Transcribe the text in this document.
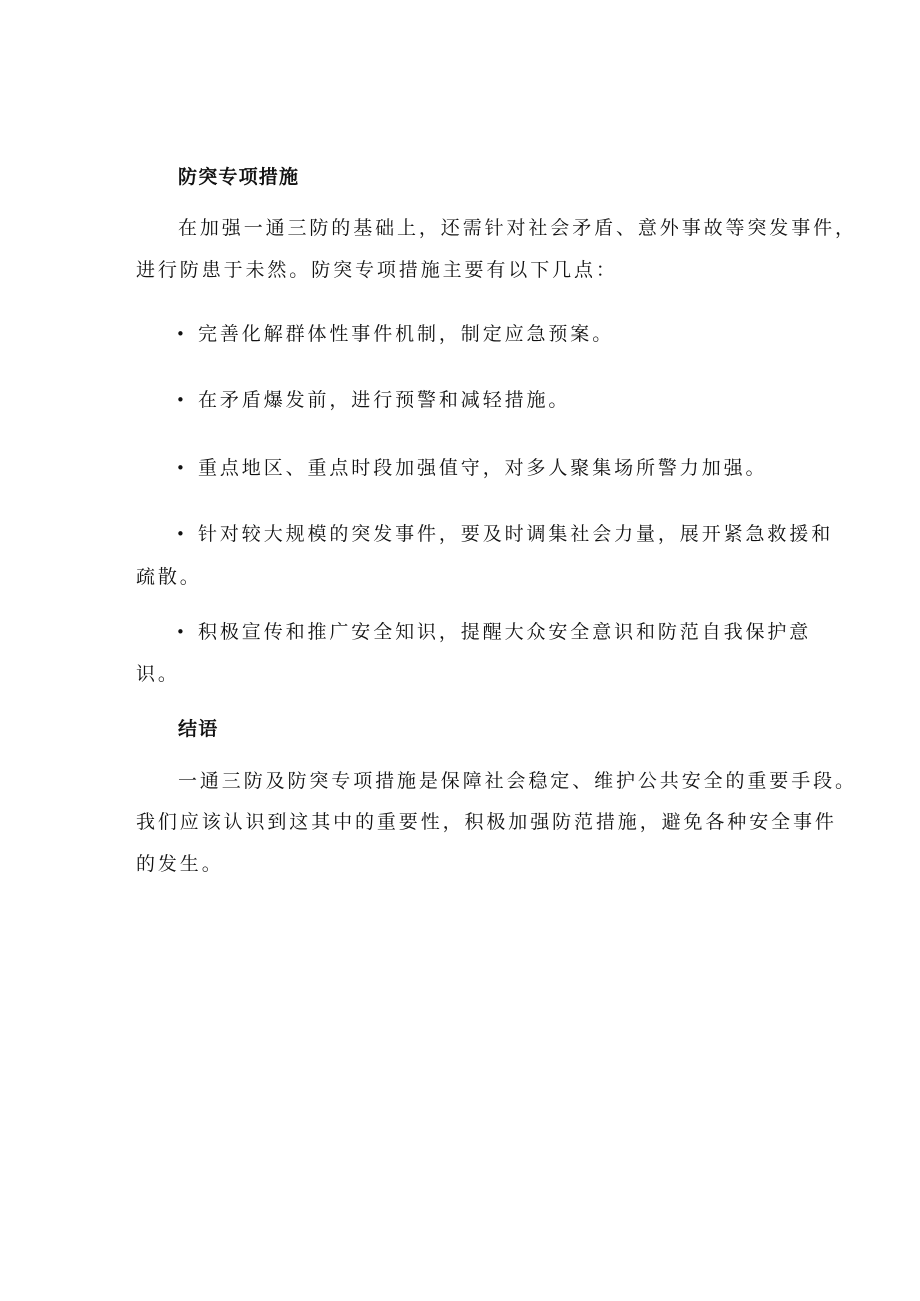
防突专项措施
在加强一通三防的基础上，还需针对社会矛盾、意外事故等突发事件，
进行防患于未然。防突专项措施主要有以下几点：
• 完善化解群体性事件机制，制定应急预案。
• 在矛盾爆发前，进行预警和减轻措施。
• 重点地区、重点时段加强值守，对多人聚集场所警力加强。
• 针对较大规模的突发事件，要及时调集社会力量，展开紧急救援和
疏散。
• 积极宣传和推广安全知识，提醒大众安全意识和防范自我保护意
识。
结语
一通三防及防突专项措施是保障社会稳定、维护公共安全的重要手段。
我们应该认识到这其中的重要性，积极加强防范措施，避免各种安全事件
的发生。
